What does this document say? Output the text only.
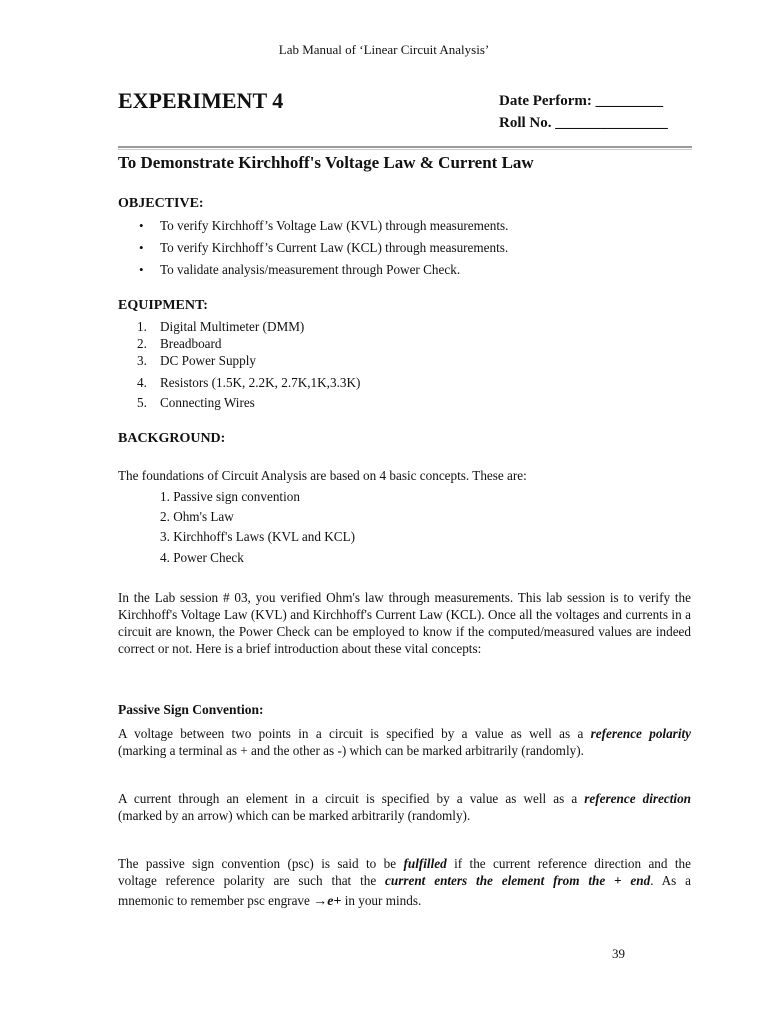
Lab Manual of ‘Linear Circuit Analysis’
EXPERIMENT 4	Date Perform: _________
Roll No. _______________
To Demonstrate Kirchhoff's Voltage Law & Current Law
OBJECTIVE:
• To verify Kirchhoff’s Voltage Law (KVL) through measurements.
• To verify Kirchhoff’s Current Law (KCL) through measurements.
• To validate analysis/measurement through Power Check.
EQUIPMENT:
1. Digital Multimeter (DMM)
2. Breadboard
3. DC Power Supply
4. Resistors (1.5K, 2.2K, 2.7K,1K,3.3K)
5. Connecting Wires
BACKGROUND:
The foundations of Circuit Analysis are based on 4 basic concepts. These are:
1. Passive sign convention
2. Ohm's Law
3. Kirchhoff's Laws (KVL and KCL)
4. Power Check
In the Lab session # 03, you verified Ohm's law through measurements. This lab session is to verify the Kirchhoff's Voltage Law (KVL) and Kirchhoff's Current Law (KCL). Once all the voltages and currents in a circuit are known, the Power Check can be employed to know if the computed/measured values are indeed correct or not. Here is a brief introduction about these vital concepts:
Passive Sign Convention:
A voltage between two points in a circuit is specified by a value as well as a reference polarity
(marking a terminal as + and the other as -) which can be marked arbitrarily (randomly).
A current through an element in a circuit is specified by a value as well as a reference direction
(marked by an arrow) which can be marked arbitrarily (randomly).
The passive sign convention (psc) is said to be fulfilled if the current reference direction and the
voltage reference polarity are such that the current enters the element from the + end. As a
mnemonic to remember psc engrave →e+ in your minds.
39
